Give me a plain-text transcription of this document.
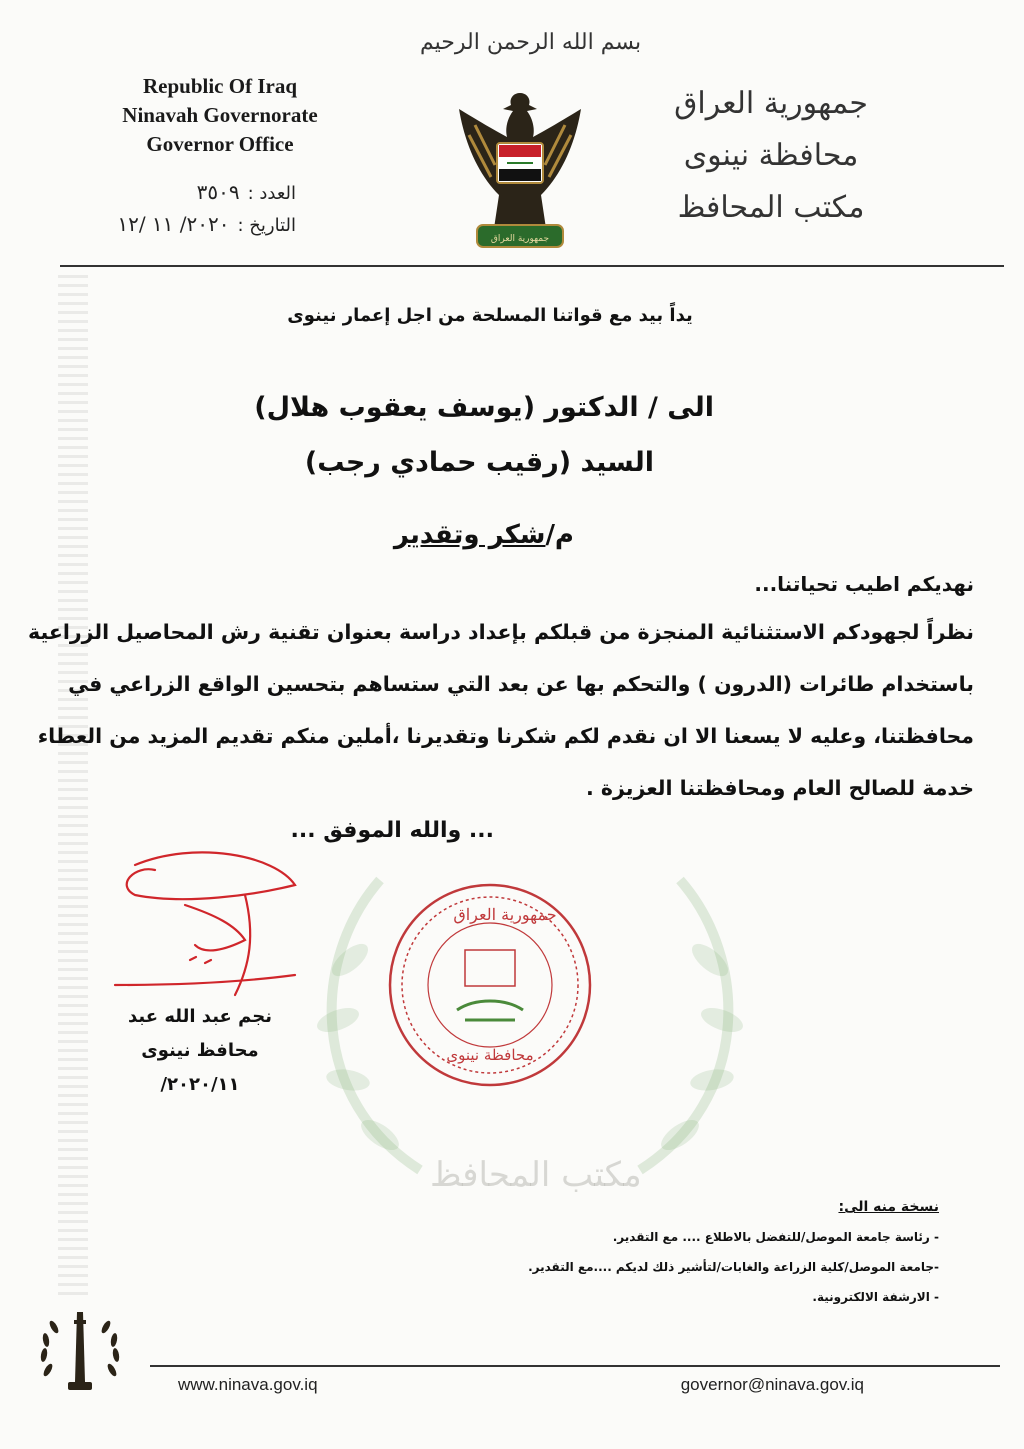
مكتب المحافظ
Republic Of Iraq
Ninavah Governorate
Governor Office
العدد :٣٥٠٩
التاريخ :٢٠٢٠/ ١١ /١٢
بسم الله الرحمن الرحيم
جمهورية العراق
جمهورية العراق
محافظة نينوى
مكتب المحافظ
يداً بيد مع قواتنا المسلحة من اجل إعمار نينوى
الى / الدكتور (يوسف يعقوب هلال)
السيد (رقيب حمادي رجب)
م/شكر وتقدير
نهديكم اطيب تحياتنا...
نظراً لجهودكم الاستثنائية المنجزة من قبلكم بإعداد دراسة بعنوان تقنية رش المحاصيل الزراعية
باستخدام طائرات (الدرون ) والتحكم بها عن بعد التي ستساهم بتحسين الواقع الزراعي في
محافظتنا، وعليه لا يسعنا الا ان نقدم لكم شكرنا وتقديرنا ،أملين منكم تقديم المزيد من العطاء
خدمة للصالح العام ومحافظتنا العزيزة .
... والله الموفق ...
نجم عبد الله عبد
محافظ نينوى
٢٠٢٠/١١/
جمهورية العراق
محافظة نينوى
نسخة منه الى:
- رئاسة جامعة الموصل/للتفضل بالاطلاع .... مع التقدير.
-جامعة الموصل/كلية الزراعة والغابات/لتأشير ذلك لديكم ....مع التقدير.
- الارشفة الالكترونية.
www.ninava.gov.iq	governor@ninava.gov.iq
